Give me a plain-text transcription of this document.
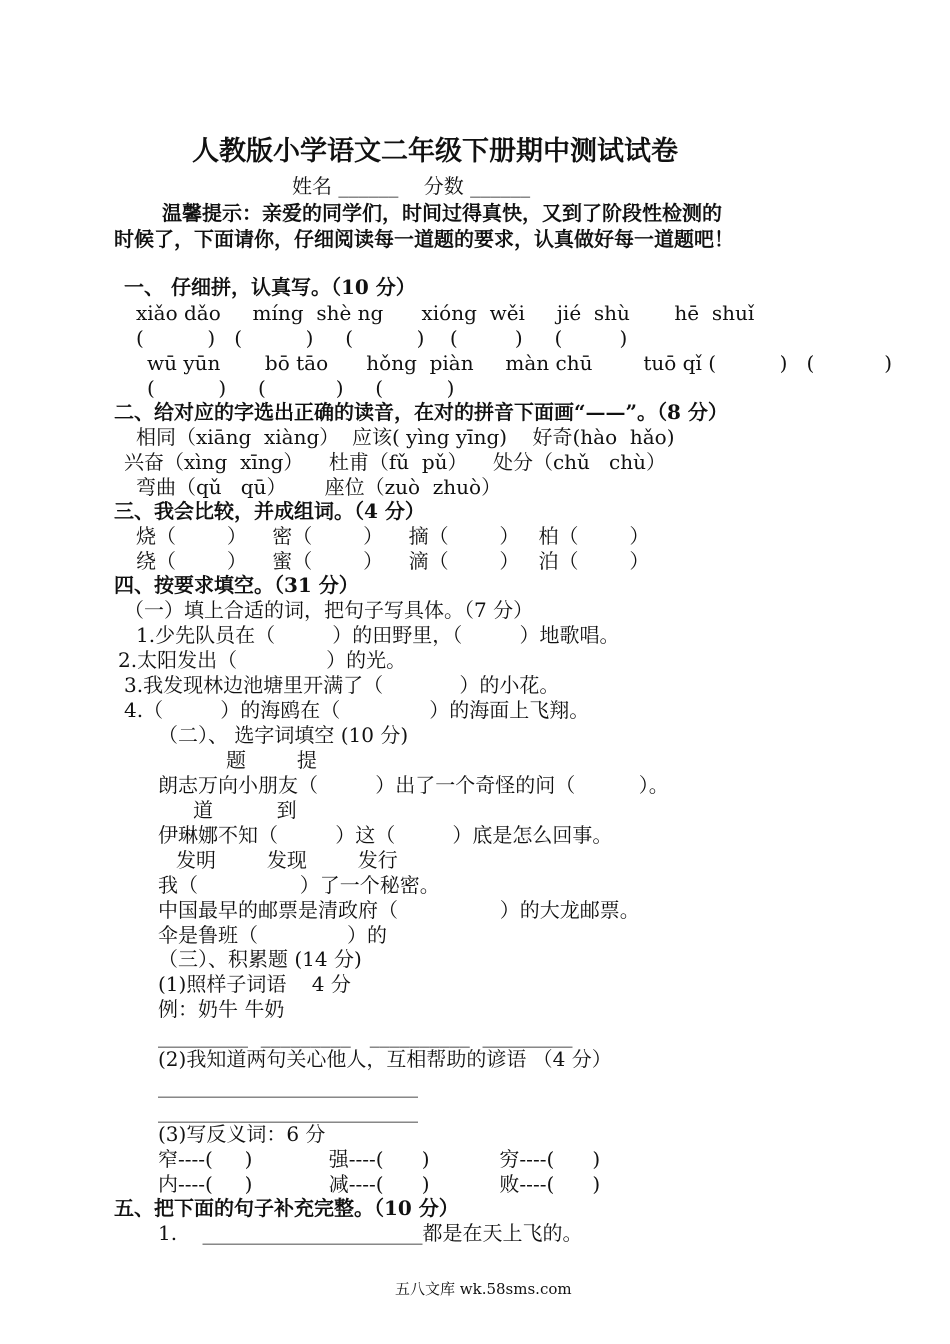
人教版小学语文二年级下册期中测试试卷
姓名 ______    分数 ______
温馨提示：亲爱的同学们，时间过得真快，又到了阶段性检测的
时候了，下面请你，仔细阅读每一道题的要求，认真做好每一道题吧！
一、 仔细拼，认真写。（10 分）
xiǎo dǎo     míng  shè ng      xióng  wěi     jié  shù       hē  shuǐ
(          )   (          )     (          )    (         )     (         )
wū yūn       bō tāo      hǒng  piàn     màn chū        tuō qǐ (          )   (           )
(          )     (           )     (          )
二、给对应的字选出正确的读音，在对的拼音下面画“——”。（8 分）
相同（xiāng  xiàng）  应该( yìng yīng)    好奇(hào  hǎo)
兴奋（xìng  xīng）    杜甫（fǔ  pǔ）    处分（chǔ   chù）
弯曲（qǔ   qū）      座位（zuò  zhuò）
三、我会比较，并成组词。（4 分）
烧（        ）    密（        ）    摘（        ）   柏（        ）
绕（        ）    蜜（        ）    滴（        ）   泊（        ）
四、按要求填空。（31 分）
（一）填上合适的词，把句子写具体。（7 分）
1.少先队员在（         ）的田野里，（         ）地歌唱。
2.太阳发出（              ）的光。
3.我发现林边池塘里开满了（            ）的小花。
4.（         ）的海鸥在（              ）的海面上飞翔。
（二）、 选字词填空 (10 分)
题        提
朗志万向小朋友（         ）出了一个奇怪的问（          ）。
道          到
伊琳娜不知（         ）这（         ）底是怎么回事。
发明        发现        发行
我（                ）了一个秘密。
中国最早的邮票是清政府（                ）的大龙邮票。
伞是鲁班（              ）的
（三）、积累题 (14 分)
(1)照样子词语    4 分
例：奶牛 牛奶
_________  _________   __________  _________
(2)我知道两句关心他人，互相帮助的谚语 （4 分）
__________________________
__________________________
(3)写反义词：6 分
窄----(     )            强----(      )           穷----(      )
内----(     )            减----(      )           败----(      )
五、把下面的句子补充完整。（10 分）
1.    ______________________都是在天上飞的。
五八文库 wk.58sms.com
